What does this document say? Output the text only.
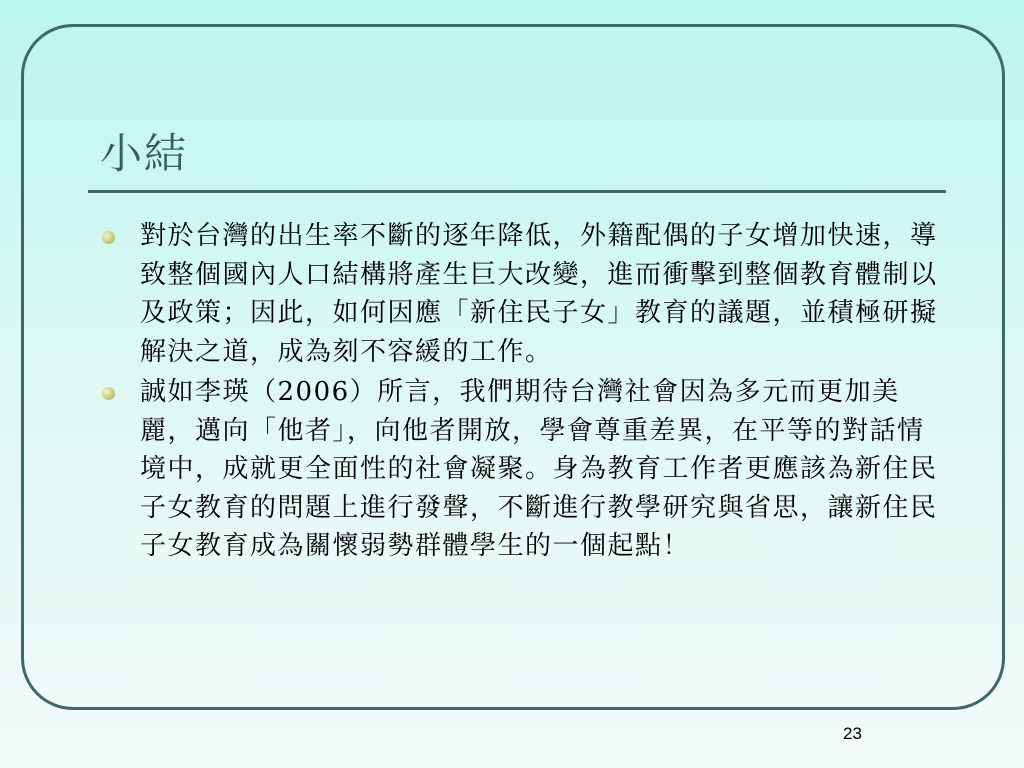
小結
對於台灣的出生率不斷的逐年降低，外籍配偶的子女增加快速，導致整個國內人口結構將產生巨大改變，進而衝擊到整個教育體制以及政策；因此，如何因應「新住民子女」教育的議題，並積極研擬解決之道，成為刻不容緩的工作。
誠如李瑛（2006）所言，我們期待台灣社會因為多元而更加美麗，邁向「他者」，向他者開放，學會尊重差異，在平等的對話情境中，成就更全面性的社會凝聚。身為教育工作者更應該為新住民子女教育的問題上進行發聲，不斷進行教學研究與省思，讓新住民子女教育成為關懷弱勢群體學生的一個起點！
23
